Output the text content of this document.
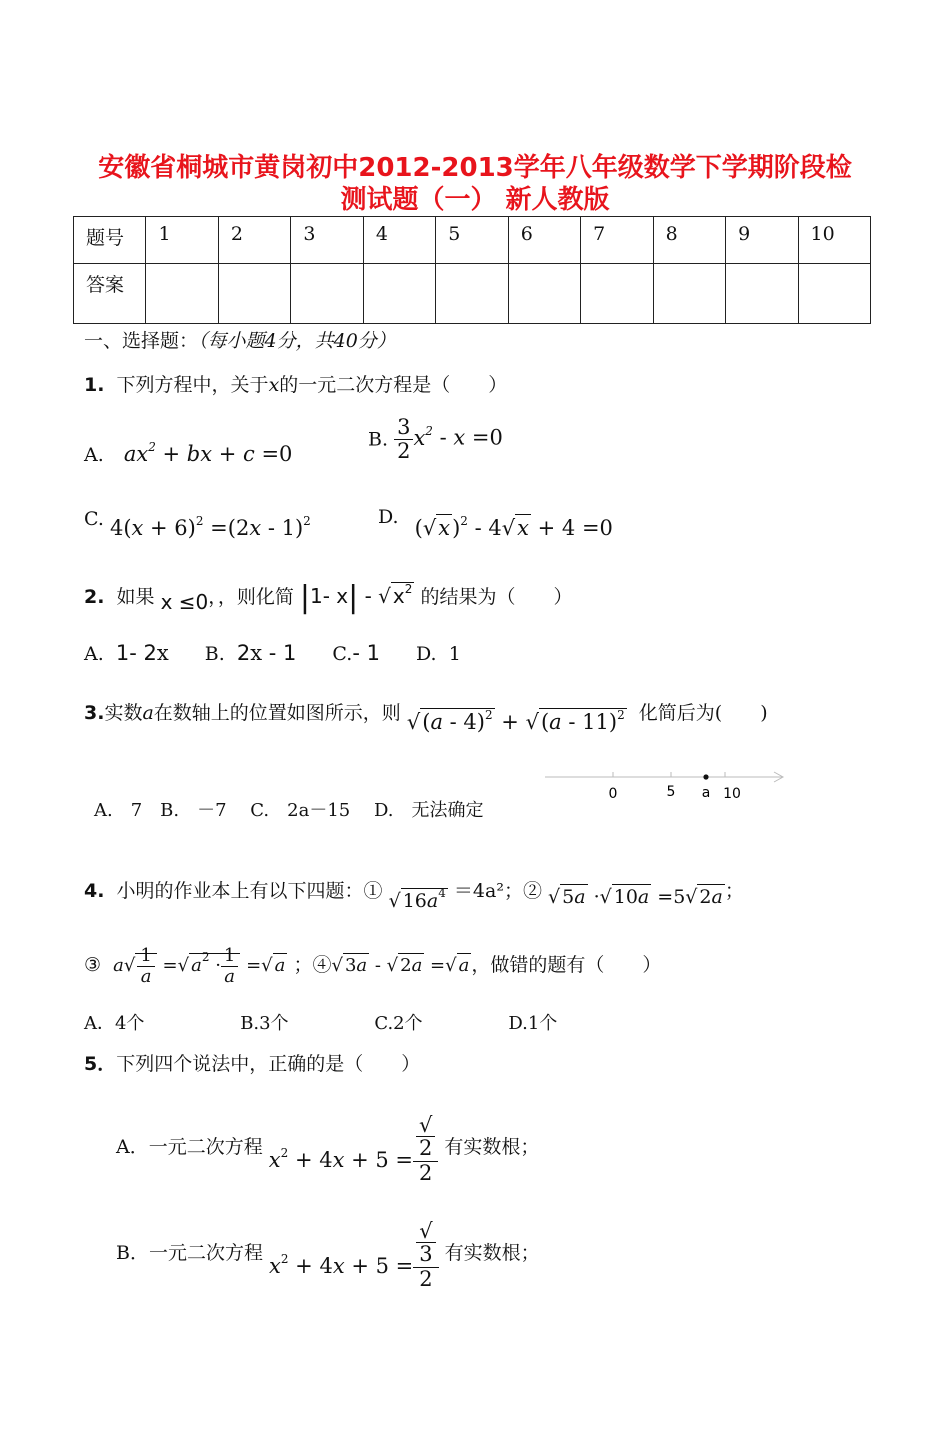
安徽省桐城市黄岗初中2012-2013学年八年级数学下学期阶段检
测试题（一） 新人教版
题号	1	2	3	4	5	6	7	8	9	10
答案										
一、选择题：（每小题4分，共40分）
1. 下列方程中，关于x的一元二次方程是（　　）
A. $ax^2$ + bx + c =0
B. $\frac{3}{2} x^2 - x =0$
C. $4(x + 6)^2 =(2x - 1)^2$	D. $(√x)^2 - 4√x + 4 =0$
2. 如果 x ≤0，，则化简 |1- x| - √ $x^2$ 的结果为（　　）
A. 1- 2x B. 2x - 1 C.- 1 D. 1
3.实数a在数轴上的位置如图所示，则 √(a - 4)$^2$ + √(a - 11)$^2$ 化简后为(　　)
0	5 a 10
A.　7　B.　－7　 C.　2a－15　 D.　无法确定
4. 小明的作业本上有以下四题：① √ $16a^4 =4a^2$；② √ 5a ·√ 10a =5√ 2a ；
③ $a√ \frac{1}{a}$ =√ $a^2 \cdot \frac{1}{a}$ =√ a ；④√ 3a - √ 2a =√ a ，做错的题有（　　）
A．4个	B.3个	C.2个	D.1个
5．下列四个说法中，正确的是（　　）
A．一元二次方程 $x^2 + 4x + 5$ = √
2
2 有实数根；
B．一元二次方程 $x^2 + 4x + 5$ = √
3
2 有实数根；
